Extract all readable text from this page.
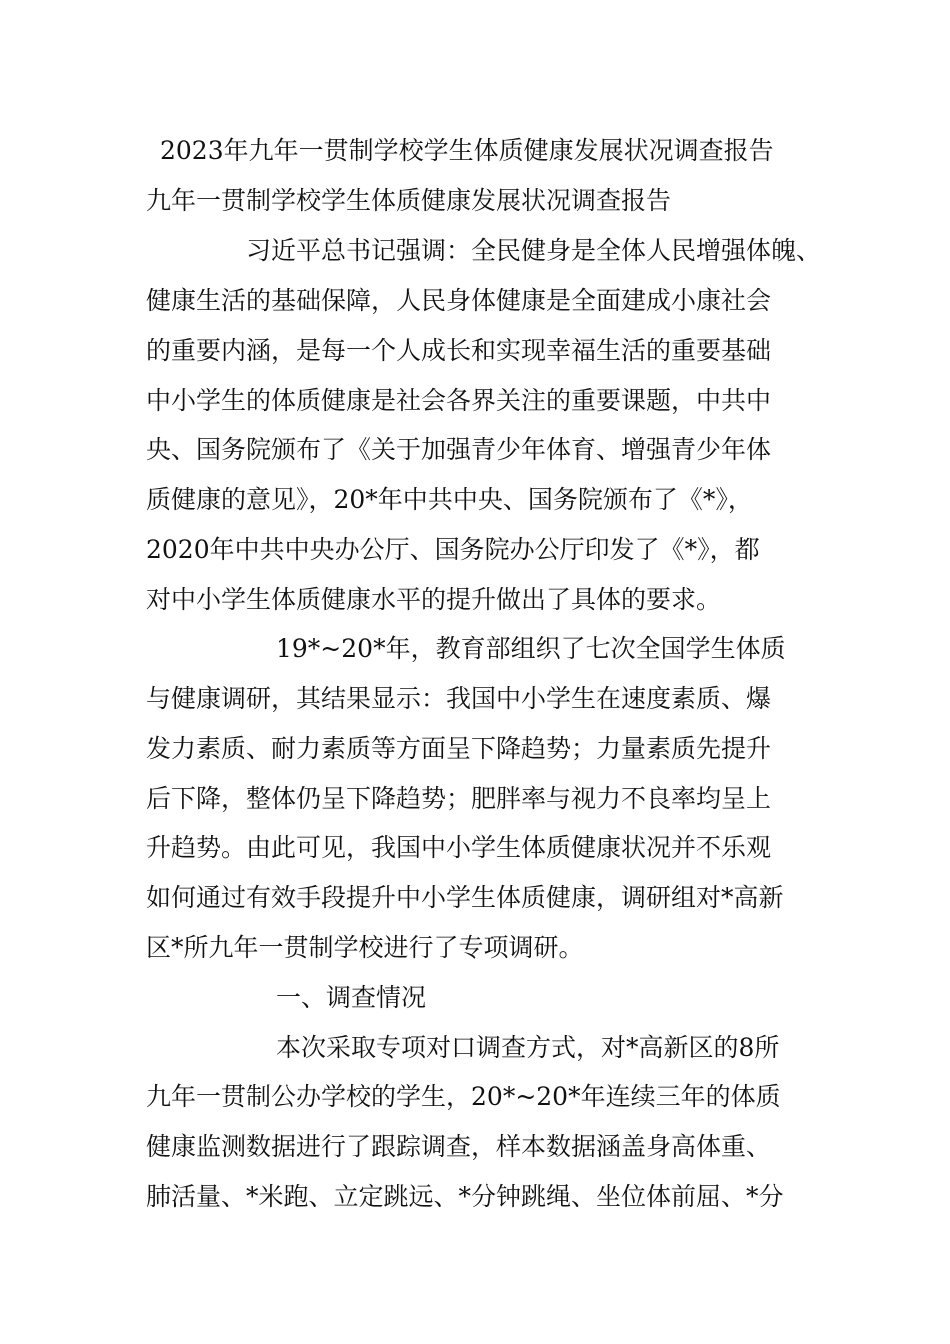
2023年九年一贯制学校学生体质健康发展状况调查报告
九年一贯制学校学生体质健康发展状况调查报告
习近平总书记强调：全民健身是全体人民增强体魄、
健康生活的基础保障，人民身体健康是全面建成小康社会
的重要内涵，是每一个人成长和实现幸福生活的重要基础
中小学生的体质健康是社会各界关注的重要课题，中共中
央、国务院颁布了《关于加强青少年体育、增强青少年体
质健康的意见》，20*年中共中央、国务院颁布了《*》，
2020年中共中央办公厅、国务院办公厅印发了《*》，都
对中小学生体质健康水平的提升做出了具体的要求。
19*~20*年，教育部组织了七次全国学生体质
与健康调研，其结果显示：我国中小学生在速度素质、爆
发力素质、耐力素质等方面呈下降趋势；力量素质先提升
后下降，整体仍呈下降趋势；肥胖率与视力不良率均呈上
升趋势。由此可见，我国中小学生体质健康状况并不乐观
如何通过有效手段提升中小学生体质健康，调研组对*高新
区*所九年一贯制学校进行了专项调研。
一、调查情况
本次采取专项对口调查方式，对*高新区的8所
九年一贯制公办学校的学生，20*~20*年连续三年的体质
健康监测数据进行了跟踪调查，样本数据涵盖身高体重、
肺活量、*米跑、立定跳远、*分钟跳绳、坐位体前屈、*分
